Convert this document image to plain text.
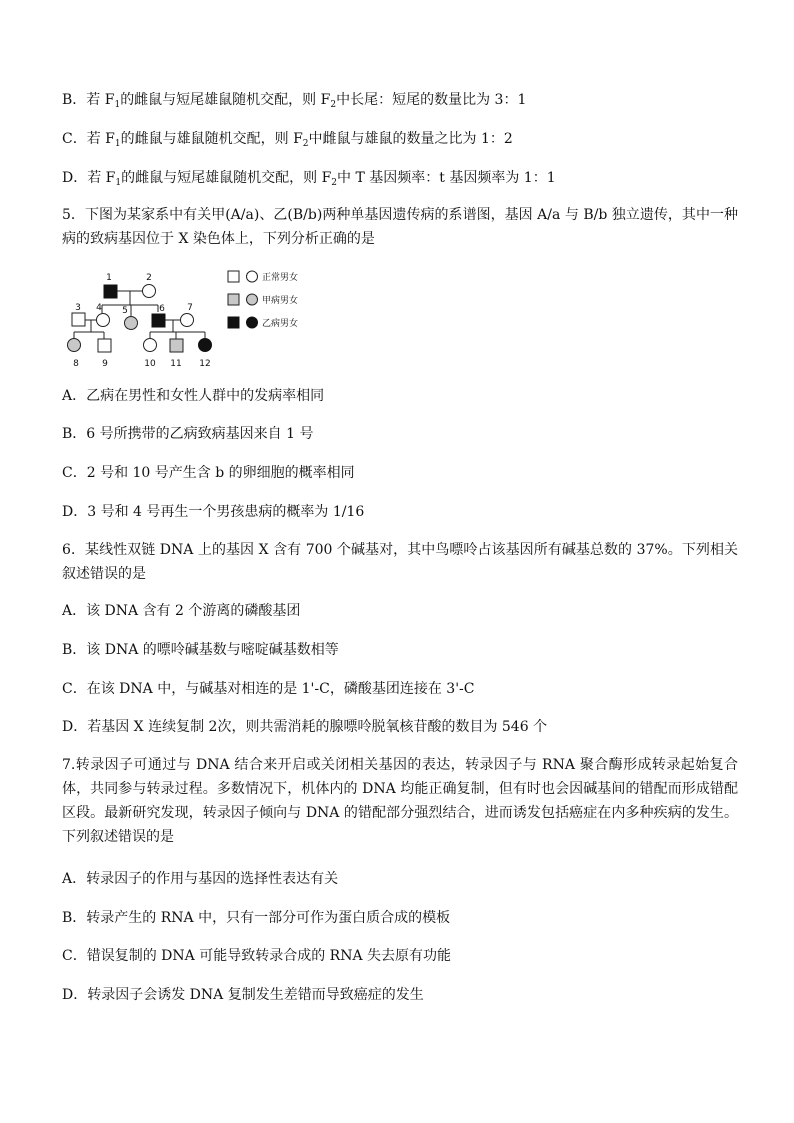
B．若 $F_1$的雌鼠与短尾雄鼠随机交配，则 $F_2$中长尾：短尾的数量比为 3：1
C．若 $F_1$的雌鼠与雄鼠随机交配，则 $F_2$中雌鼠与雄鼠的数量之比为 1：2
D．若 $F_1$的雌鼠与短尾雄鼠随机交配，则 $F_2$中 T 基因频率：t 基因频率为 1：1
5．下图为某家系中有关甲(A/a)、乙(B/b)两种单基因遗传病的系谱图，基因 A/a 与 B/b 独立遗传，其中一种病的致病基因位于 X 染色体上，下列分析正确的是
1	2
3 4 5	6 7
8	9	10 11 12
正常男女
甲病男女
乙病男女
A．乙病在男性和女性人群中的发病率相同
B．6 号所携带的乙病致病基因来自 1 号
C．2 号和 10 号产生含 b 的卵细胞的概率相同
D．3 号和 4 号再生一个男孩患病的概率为 1/16
6．某线性双链 DNA 上的基因 X 含有 700 个碱基对，其中鸟嘌呤占该基因所有碱基总数的 37%。下列相关叙述错误的是
A．该 DNA 含有 2 个游离的磷酸基团
B．该 DNA 的嘌呤碱基数与嘧啶碱基数相等
C．在该 DNA 中，与碱基对相连的是 1'-C，磷酸基团连接在 3'-C
D．若基因 X 连续复制 2次，则共需消耗的腺嘌呤脱氧核苷酸的数目为 546 个
7.转录因子可通过与 DNA 结合来开启或关闭相关基因的表达，转录因子与 RNA 聚合酶形成转录起始复合体，共同参与转录过程。多数情况下，机体内的 DNA 均能正确复制，但有时也会因碱基间的错配而形成错配区段。最新研究发现，转录因子倾向与 DNA 的错配部分强烈结合，进而诱发包括癌症在内多种疾病的发生。下列叙述错误的是
A．转录因子的作用与基因的选择性表达有关
B．转录产生的 RNA 中，只有一部分可作为蛋白质合成的模板
C．错误复制的 DNA 可能导致转录合成的 RNA 失去原有功能
D．转录因子会诱发 DNA 复制发生差错而导致癌症的发生
